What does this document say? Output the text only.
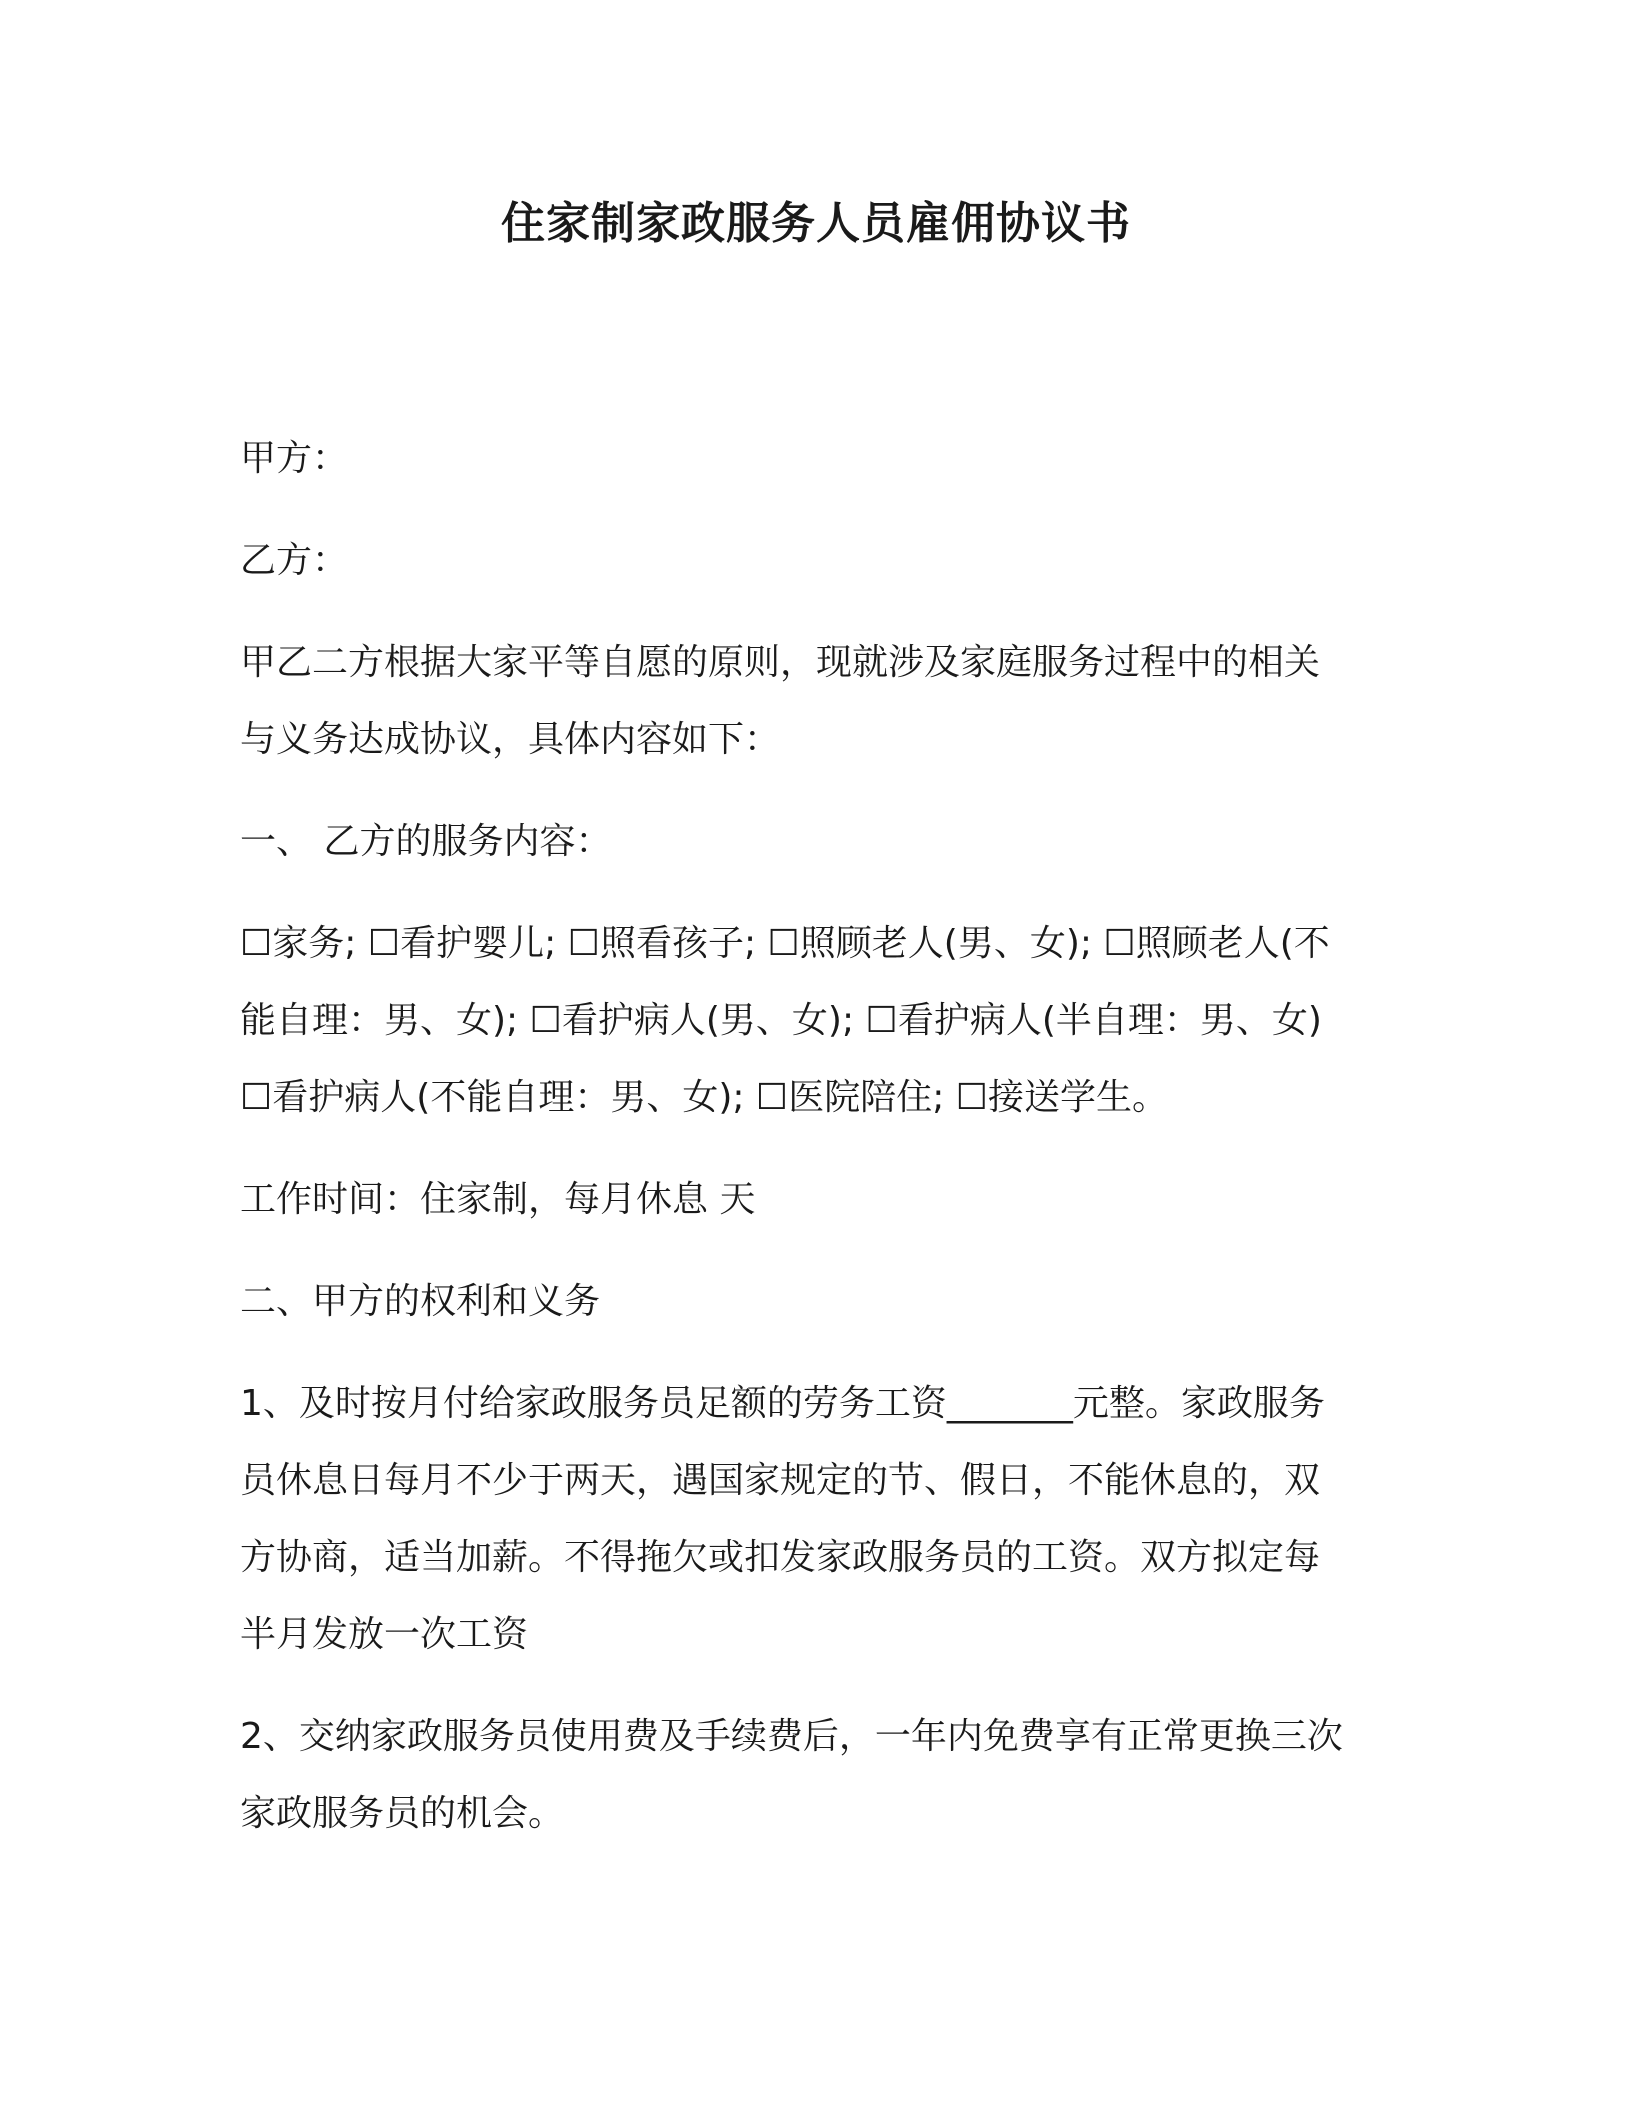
住家制家政服务人员雇佣协议书

甲方：

乙方：

甲乙二方根据大家平等自愿的原则，现就涉及家庭服务过程中的相关

与义务达成协议，具体内容如下：

一、 乙方的服务内容：

☐家务; ☐看护婴儿; ☐照看孩子; ☐照顾老人(男、女); ☐照顾老人(不

能自理：男、女); ☐看护病人(男、女); ☐看护病人(半自理：男、女)

☐看护病人(不能自理：男、女); ☐医院陪住; ☐接送学生。

工作时间：住家制，每月休息 天

二、甲方的权利和义务

1、及时按月付给家政服务员足额的劳务工资_______元整。家政服务

员休息日每月不少于两天，遇国家规定的节、假日，不能休息的，双

方协商，适当加薪。不得拖欠或扣发家政服务员的工资。双方拟定每

半月发放一次工资

2、交纳家政服务员使用费及手续费后，一年内免费享有正常更换三次

家政服务员的机会。
